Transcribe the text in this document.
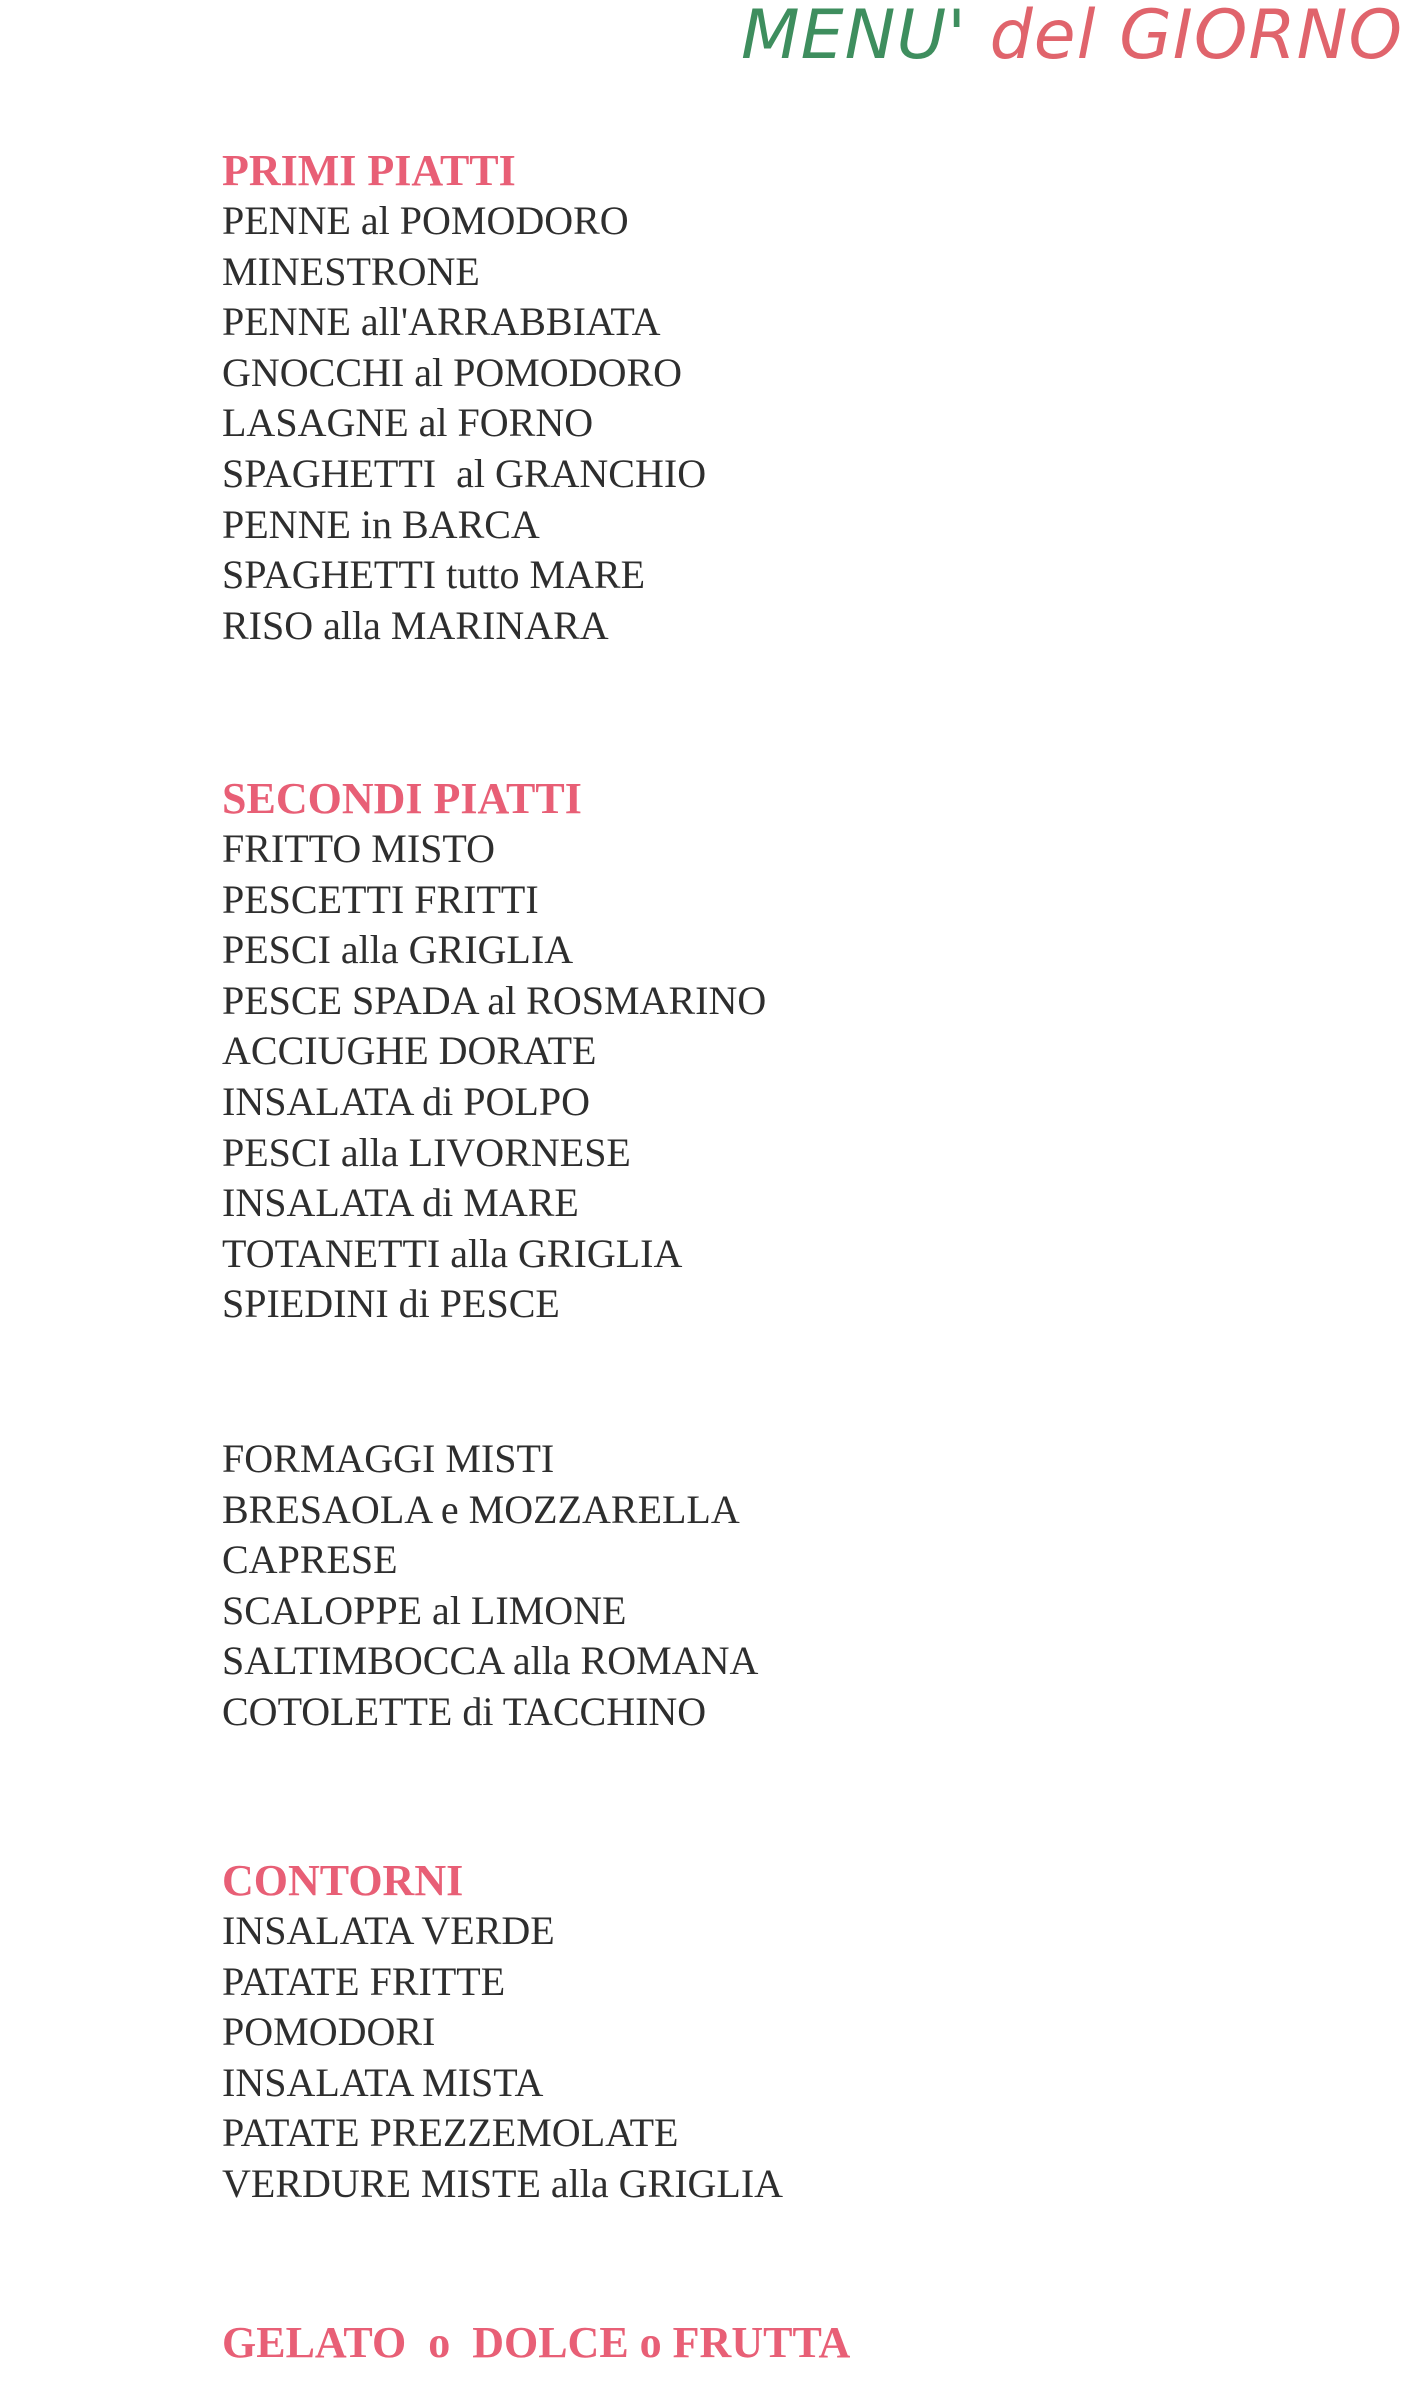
MENU' del GIORNO
PRIMI PIATTI
PENNE al POMODORO
MINESTRONE
PENNE all'ARRABBIATA
GNOCCHI al POMODORO
LASAGNE al FORNO
SPAGHETTI  al GRANCHIO
PENNE in BARCA
SPAGHETTI tutto MARE
RISO alla MARINARA
SECONDI PIATTI
FRITTO MISTO
PESCETTI FRITTI
PESCI alla GRIGLIA
PESCE SPADA al ROSMARINO
ACCIUGHE DORATE
INSALATA di POLPO
PESCI alla LIVORNESE
INSALATA di MARE
TOTANETTI alla GRIGLIA
SPIEDINI di PESCE
FORMAGGI MISTI
BRESAOLA e MOZZARELLA
CAPRESE
SCALOPPE al LIMONE
SALTIMBOCCA alla ROMANA
COTOLETTE di TACCHINO
CONTORNI
INSALATA VERDE
PATATE FRITTE
POMODORI
INSALATA MISTA
PATATE PREZZEMOLATE
VERDURE MISTE alla GRIGLIA
GELATO  o  DOLCE o FRUTTA
